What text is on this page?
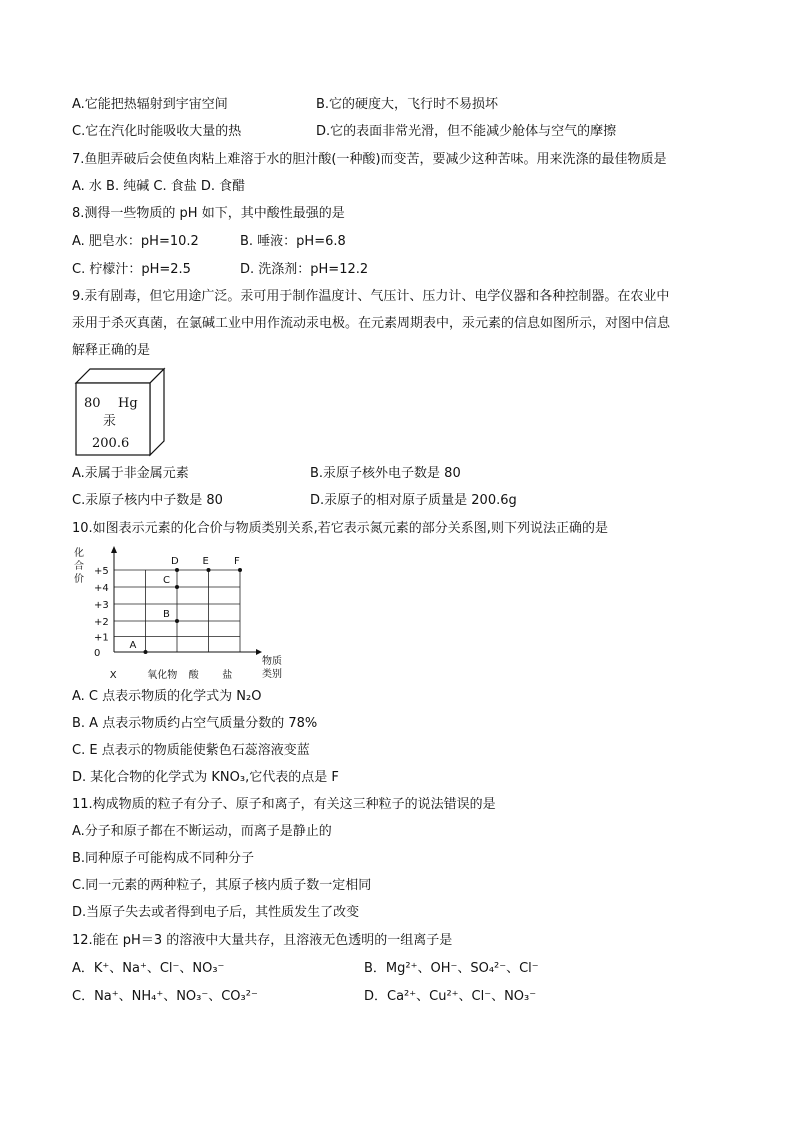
A.它能把热辐射到宇宙空间	B.它的硬度大，飞行时不易损坏
C.它在汽化时能吸收大量的热	D.它的表面非常光滑，但不能减少舱体与空气的摩擦
7.鱼胆弄破后会使鱼肉粘上难溶于水的胆汁酸(一种酸)而变苦，要减少这种苦味。用来洗涤的最佳物质是
A. 水 B. 纯碱 C. 食盐 D. 食醋
8.测得一些物质的 pH 如下，其中酸性最强的是
A. 肥皂水：pH=10.2	B. 唾液：pH=6.8
C. 柠檬汁：pH=2.5	D. 洗涤剂：pH=12.2
9.汞有剧毒，但它用途广泛。汞可用于制作温度计、气压计、压力计、电学仪器和各种控制器。在农业中
汞用于杀灭真菌，在氯碱工业中用作流动汞电极。在元素周期表中，汞元素的信息如图所示，对图中信息
解释正确的是
80 Hg
汞
200.6
A.汞属于非金属元素	B.汞原子核外电子数是 80
C.汞原子核内中子数是 80	D.汞原子的相对原子质量是 200.6g
10.如图表示元素的化合价与物质类别关系,若它表示氮元素的部分关系图,则下列说法正确的是
+5
+4
+3
+2
+1
0
X	氧化物 酸 盐
A
B
C
D E	F
化
合
价
物质
类别
A. C 点表示物质的化学式为 N₂O
B. A 点表示物质约占空气质量分数的 78%
C. E 点表示的物质能使紫色石蕊溶液变蓝
D. 某化合物的化学式为 KNO₃,它代表的点是 F
11.构成物质的粒子有分子、原子和离子，有关这三种粒子的说法错误的是
A.分子和原子都在不断运动，而离子是静止的
B.同种原子可能构成不同种分子
C.同一元素的两种粒子，其原子核内质子数一定相同
D.当原子失去或者得到电子后，其性质发生了改变
12.能在 pH＝3 的溶液中大量共存，且溶液无色透明的一组离子是
A．K⁺、Na⁺、Cl⁻、NO₃⁻	B．Mg²⁺、OH⁻、SO₄²⁻、Cl⁻
C．Na⁺、NH₄⁺、NO₃⁻、CO₃²⁻	D．Ca²⁺、Cu²⁺、Cl⁻、NO₃⁻
